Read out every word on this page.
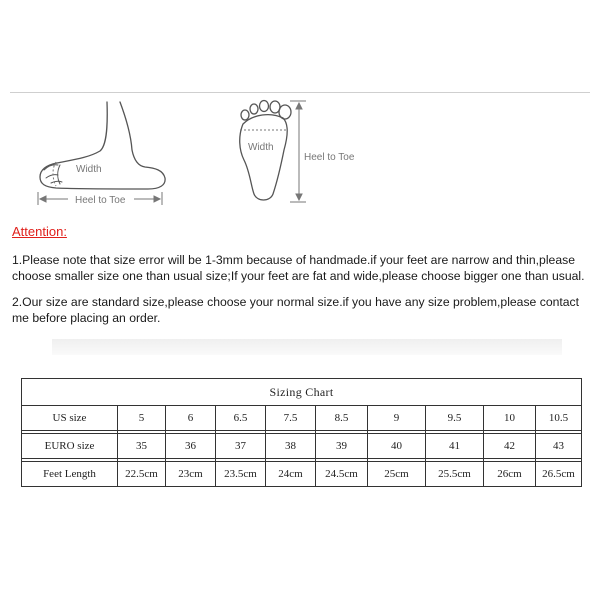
Width
Heel to Toe
Width
Heel to Toe
Attention:
1.Please note that size error will be 1-3mm because of handmade.if your feet are narrow and thin,please choose smaller size one than usual size;If your feet are fat and wide,please choose bigger one than usual.
2.Our size are standard size,please choose your normal size.if you have any size problem,please contact me before placing an order.
Sizing Chart									
US size	5	6	6.5	7.5	8.5	9	9.5	10	10.5

EURO size	35	36	37	38	39	40	41	42	43

Feet Length	22.5cm	23cm	23.5cm	24cm	24.5cm	25cm	25.5cm	26cm	26.5cm
